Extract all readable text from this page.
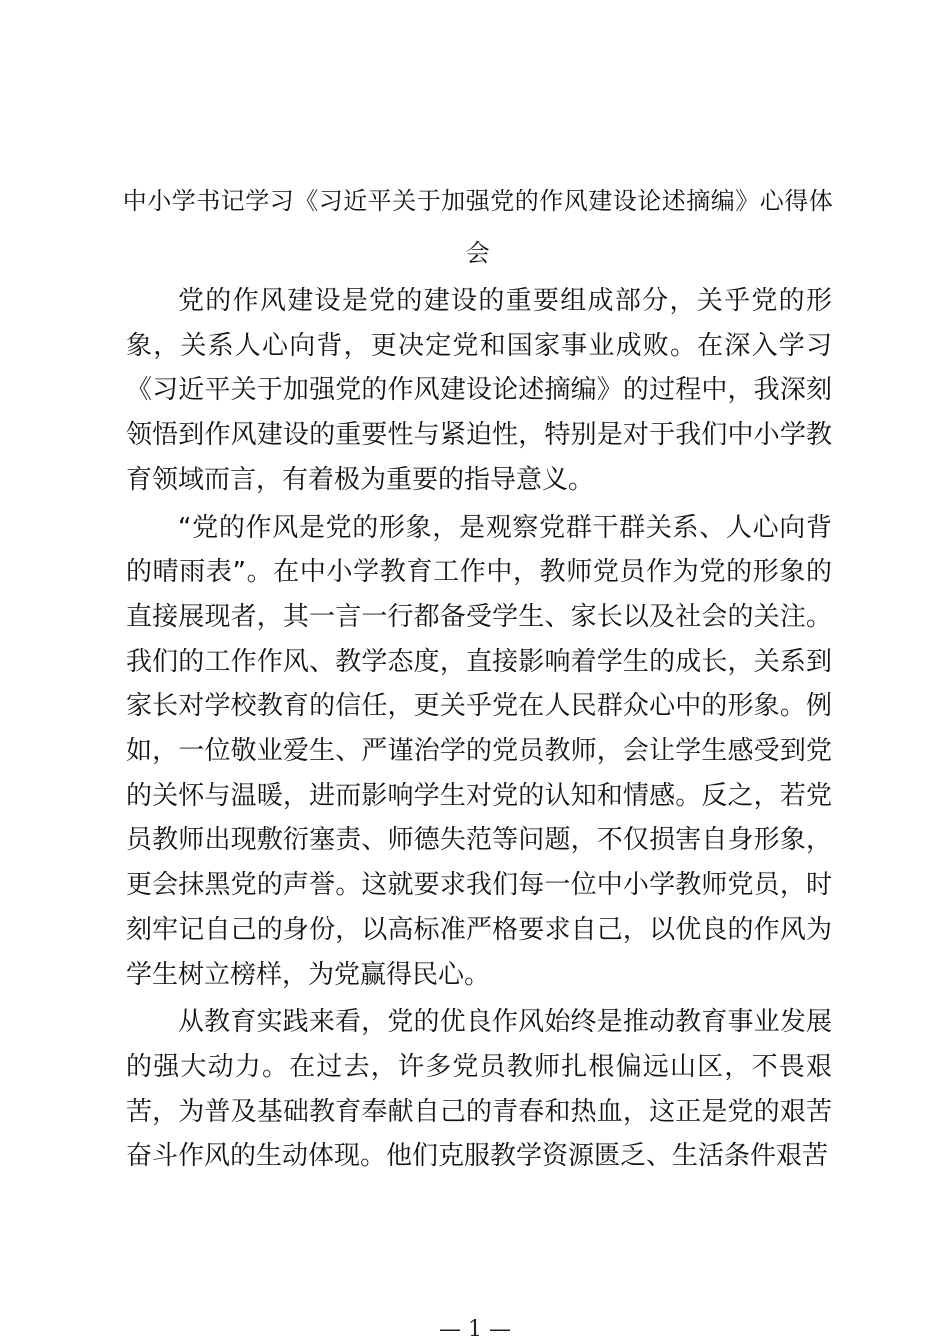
中小学书记学习《习近平关于加强党的作风建设论述摘编》心得体会

党的作风建设是党的建设的重要组成部分，关乎党的形象，关系人心向背，更决定党和国家事业成败。在深入学习《习近平关于加强党的作风建设论述摘编》的过程中，我深刻领悟到作风建设的重要性与紧迫性，特别是对于我们中小学教育领域而言，有着极为重要的指导意义。

“党的作风是党的形象，是观察党群干群关系、人心向背的晴雨表”。在中小学教育工作中，教师党员作为党的形象的直接展现者，其一言一行都备受学生、家长以及社会的关注。我们的工作作风、教学态度，直接影响着学生的成长，关系到家长对学校教育的信任，更关乎党在人民群众心中的形象。例如，一位敬业爱生、严谨治学的党员教师，会让学生感受到党的关怀与温暖，进而影响学生对党的认知和情感。反之，若党员教师出现敷衍塞责、师德失范等问题，不仅损害自身形象，更会抹黑党的声誉。这就要求我们每一位中小学教师党员，时刻牢记自己的身份，以高标准严格要求自己，以优良的作风为学生树立榜样，为党赢得民心。

从教育实践来看，党的优良作风始终是推动教育事业发展的强大动力。在过去，许多党员教师扎根偏远山区，不畏艰苦，为普及基础教育奉献自己的青春和热血，这正是党的艰苦奋斗作风的生动体现。他们克服教学资源匮乏、生活条件艰苦

— 1 —
